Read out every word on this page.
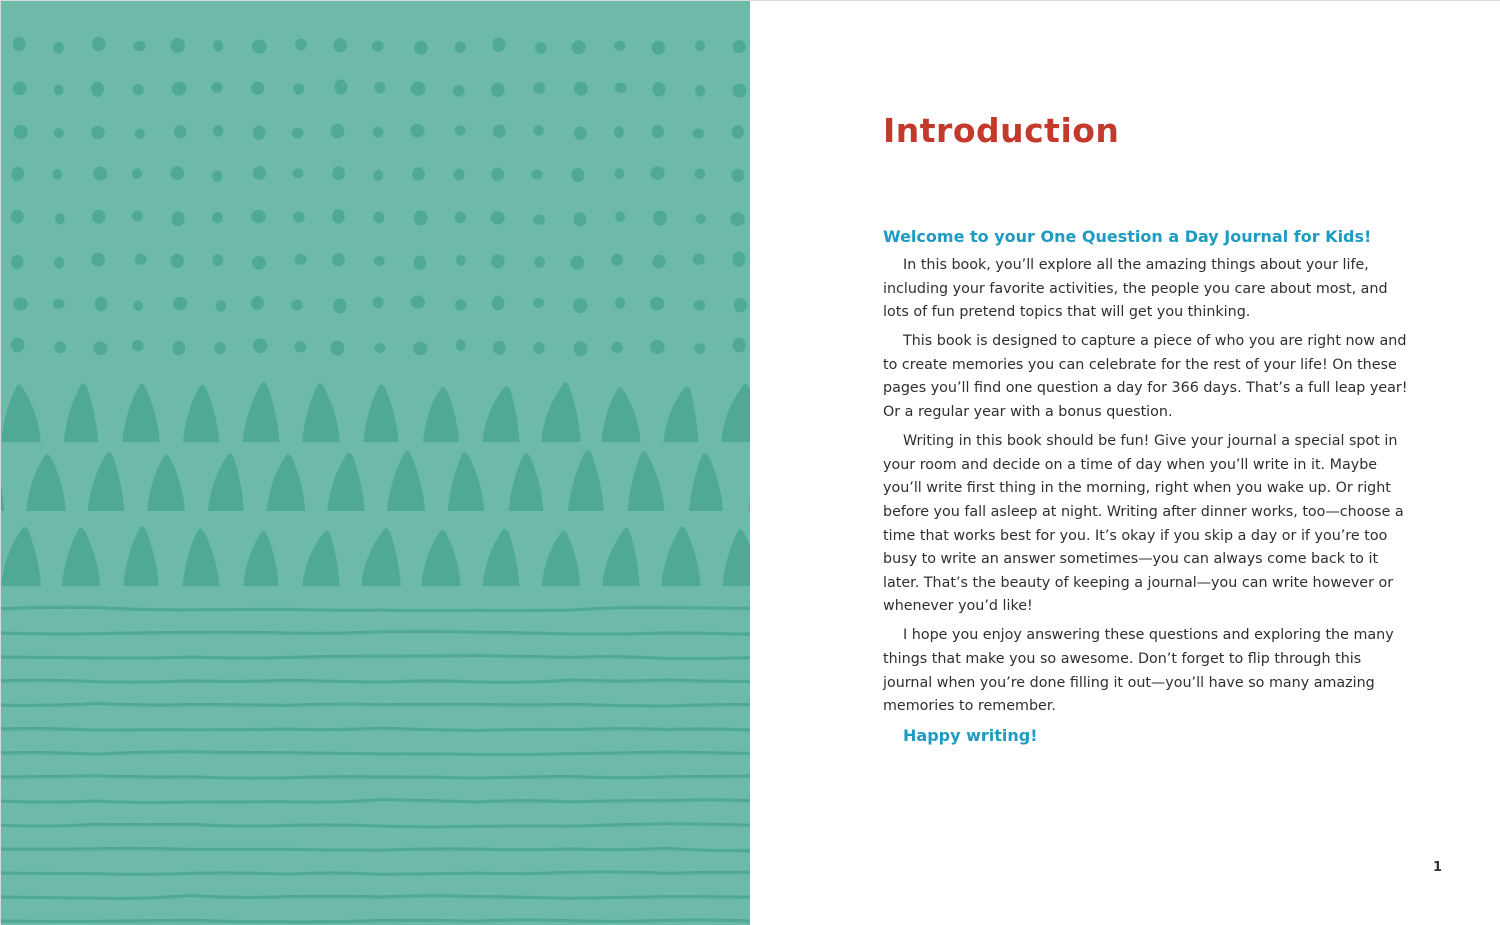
Introduction
Welcome to your One Question a Day Journal for Kids!

In this book, you’ll explore all the amazing things about your life, including your favorite activities, the people you care about most, and lots of fun pretend topics that will get you thinking.

This book is designed to capture a piece of who you are right now and to create memories you can celebrate for the rest of your life! On these pages you’ll find one question a day for 366 days. That’s a full leap year! Or a regular year with a bonus question.

Writing in this book should be fun! Give your journal a special spot in your room and decide on a time of day when you’ll write in it. Maybe you’ll write first thing in the morning, right when you wake up. Or right before you fall asleep at night. Writing after dinner works, too—choose a time that works best for you. It’s okay if you skip a day or if you’re too busy to write an answer sometimes—you can always come back to it later. That’s the beauty of keeping a journal—you can write however or whenever you’d like!

I hope you enjoy answering these questions and exploring the many things that make you so awesome. Don’t forget to flip through this journal when you’re done filling it out—you’ll have so many amazing memories to remember.

Happy writing!
1
